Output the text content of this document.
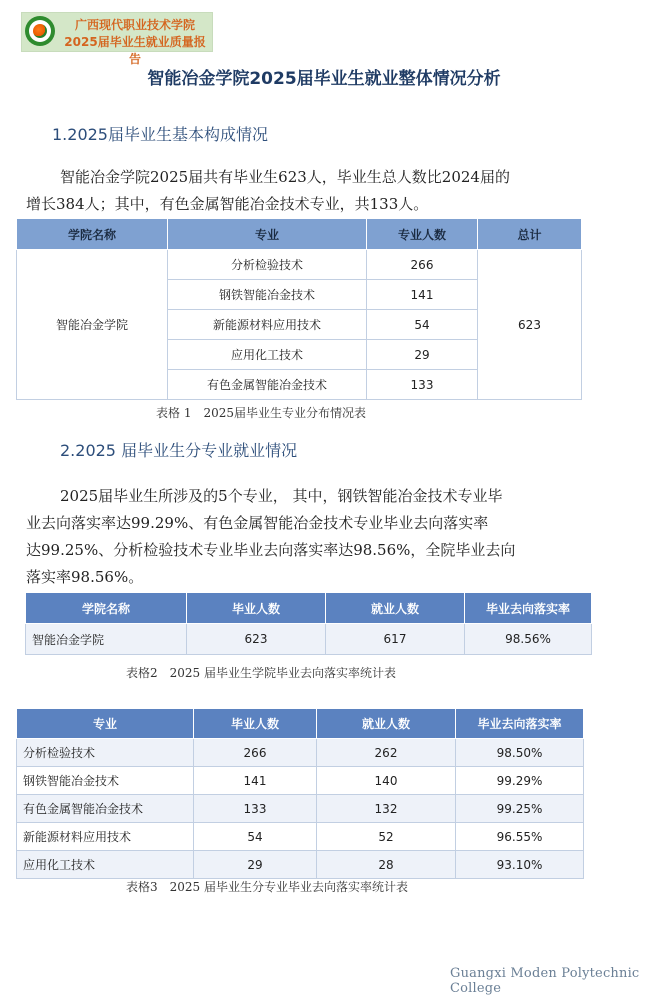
广西现代职业技术学院
2025届毕业生就业质量报告
智能冶金学院2025届毕业生就业整体情况分析
1.2025届毕业生基本构成情况
智能冶金学院2025届共有毕业生623人，毕业生总人数比2024届的
增长384人；其中，有色金属智能冶金技术专业，共133人。
学院名称	专业	专业人数	总计
智能冶金学院	分析检验技术	266	623
	钢铁智能冶金技术	141	
	新能源材料应用技术	54	
	应用化工技术	29	
	有色金属智能冶金技术	133	
表格 1　2025届毕业生专业分布情况表
2.2025 届毕业生分专业就业情况
2025届毕业生所涉及的5个专业， 其中，钢铁智能冶金技术专业毕
业去向落实率达99.29%、有色金属智能冶金技术专业毕业去向落实率
达99.25%、分析检验技术专业毕业去向落实率达98.56%，全院毕业去向
落实率98.56%。
学院名称	毕业人数	就业人数	毕业去向落实率
智能冶金学院	623	617	98.56%
表格2　2025 届毕业生学院毕业去向落实率统计表
专业	毕业人数	就业人数	毕业去向落实率
分析检验技术	266	262	98.50%
钢铁智能冶金技术	141	140	99.29%
有色金属智能冶金技术	133	132	99.25%
新能源材料应用技术	54	52	96.55%
应用化工技术	29	28	93.10%
表格3　2025 届毕业生分专业毕业去向落实率统计表
Guangxi Moden Polytechnic College
